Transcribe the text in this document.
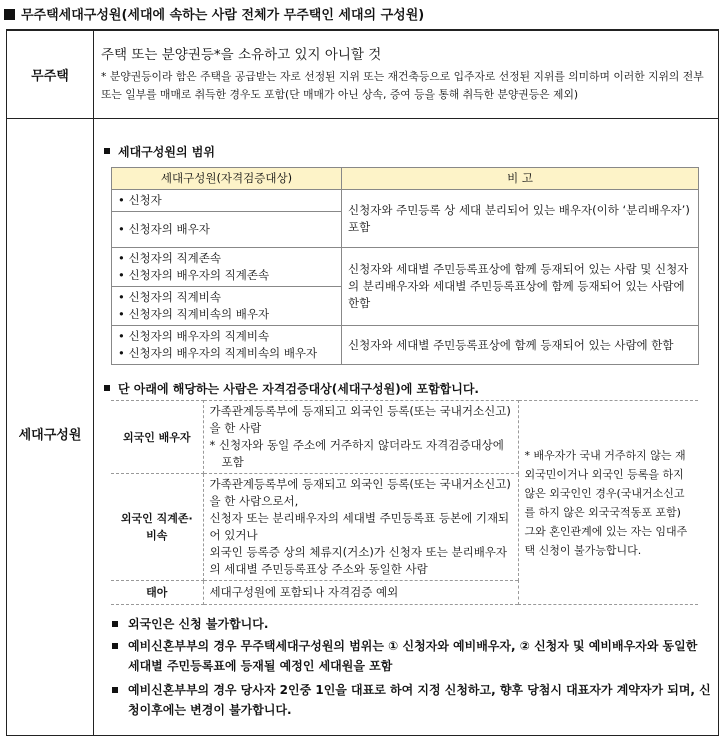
무주택세대구성원(세대에 속하는 사람 전체가 무주택인 세대의 구성원)
무주택
주택 또는 분양권등*을 소유하고 있지 아니할 것
* 분양권등이라 함은 주택을 공급받는 자로 선정된 지위 또는 재건축등으로 입주자로 선정된 지위를 의미하며 이러한 지위의 전부 또는 일부를 매매로 취득한 경우도 포함(단 매매가 아닌 상속, 증여 등을 통해 취득한 분양권등은 제외)
세대구성원
세대구성원의 범위
세대구성원(자격검증대상)	비 고
• 신청자	신청자와 주민등록 상 세대 분리되어 있는 배우자(이하 ‘분리배우자’) 포함
• 신청자의 배우자	

• 신청자의 직계존속
• 신청자의 배우자의 직계존속	신청자와 세대별 주민등록표상에 함께 등재되어 있는 사람 및 신청자의 분리배우자와 세대별 주민등록표상에 함께 등재되어 있는 사람에 한함

• 신청자의 직계비속
• 신청자의 직계비속의 배우자	

• 신청자의 배우자의 직계비속
• 신청자의 배우자의 직계비속의 배우자	신청자와 세대별 주민등록표상에 함께 등재되어 있는 사람에 한함
단 아래에 해당하는 사람은 자격검증대상(세대구성원)에 포함합니다.
외국인 배우자	가족관계등록부에 등재되고 외국인 등록(또는 국내거소신고)을 한 사람
* 신청자와 동일 주소에 거주하지 않더라도 자격검증대상에 포함	* 배우자가 국내 거주하지 않는 재외국민이거나 외국인 등록을 하지 않은 외국인인 경우(국내거소신고를 하지 않은 외국국적동포 포함) 그와 혼인관계에 있는 자는 임대주택 신청이 불가능합니다.
외국인 직계존·비속	가족관계등록부에 등재되고 외국인 등록(또는 국내거소신고)을 한 사람으로서,
신청자 또는 분리배우자의 세대별 주민등록표 등본에 기재되어 있거나
외국인 등록증 상의 체류지(거소)가 신청자 또는 분리배우자의 세대별 주민등록표상 주소와 동일한 사람	

태아	세대구성원에 포함되나 자격검증 예외	
외국인은 신청 불가합니다.
예비신혼부부의 경우 무주택세대구성원의 범위는 ① 신청자와 예비배우자, ② 신청자 및 예비배우자와 동일한 세대별 주민등록표에 등재될 예정인 세대원을 포함
예비신혼부부의 경우 당사자 2인중 1인을 대표로 하여 지정 신청하고, 향후 당첨시 대표자가 계약자가 되며, 신청이후에는 변경이 불가합니다.
